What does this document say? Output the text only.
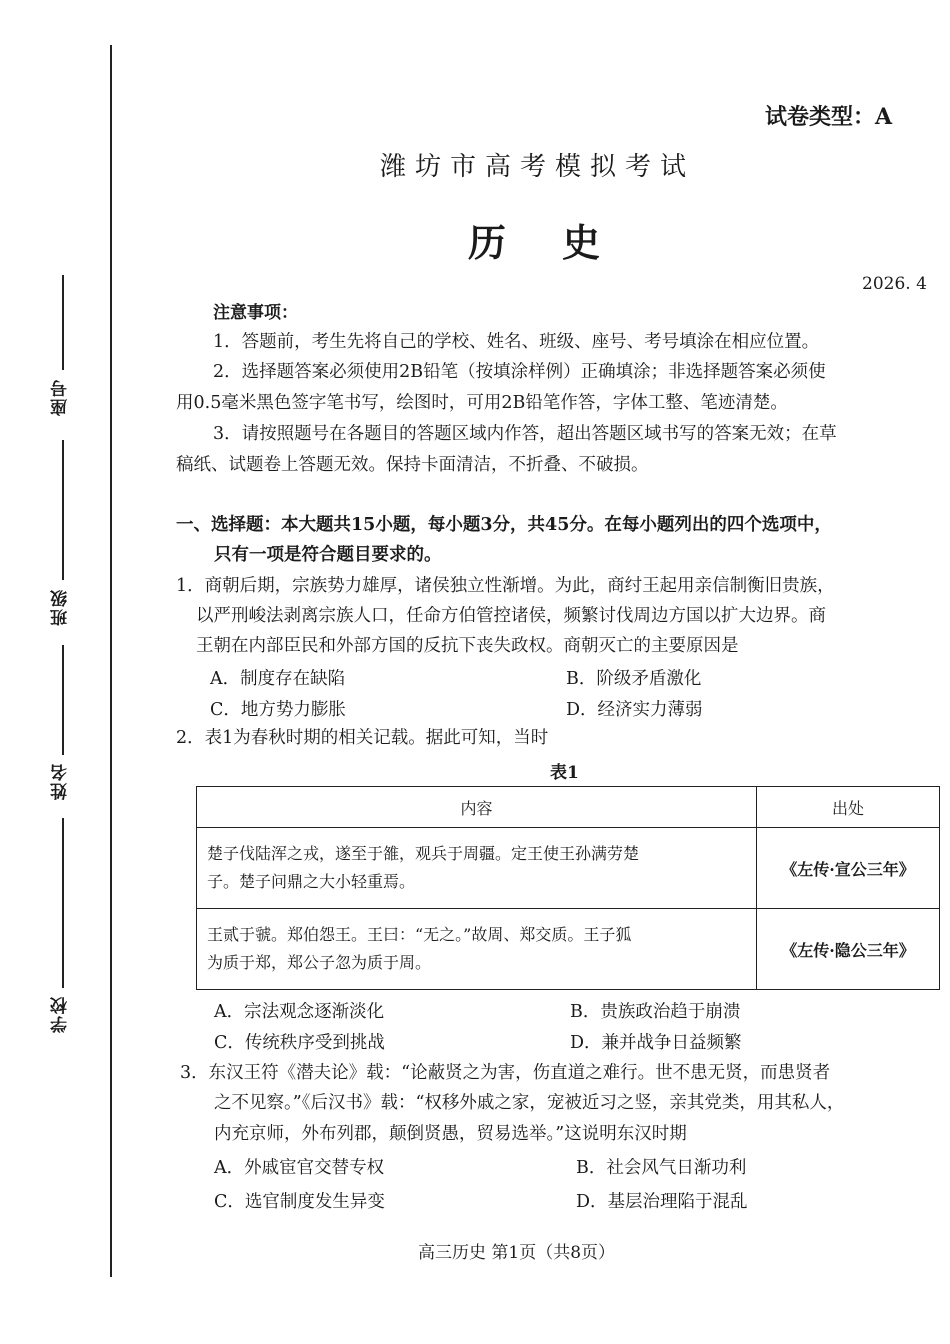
座号
班级
姓名
学校
试卷类型：A
潍坊市高考模拟考试
历史
2026. 4
注意事项：
1．答题前，考生先将自己的学校、姓名、班级、座号、考号填涂在相应位置。
2．选择题答案必须使用2B铅笔（按填涂样例）正确填涂；非选择题答案必须使
用0.5毫米黑色签字笔书写，绘图时，可用2B铅笔作答，字体工整、笔迹清楚。
3．请按照题号在各题目的答题区域内作答，超出答题区域书写的答案无效；在草
稿纸、试题卷上答题无效。保持卡面清洁，不折叠、不破损。
一、选择题：本大题共15小题，每小题3分，共45分。在每小题列出的四个选项中，
只有一项是符合题目要求的。
1．商朝后期，宗族势力雄厚，诸侯独立性渐增。为此，商纣王起用亲信制衡旧贵族，
以严刑峻法剥离宗族人口，任命方伯管控诸侯，频繁讨伐周边方国以扩大边界。商
王朝在内部臣民和外部方国的反抗下丧失政权。商朝灭亡的主要原因是
A．制度存在缺陷	B．阶级矛盾激化
C．地方势力膨胀	D．经济实力薄弱
2．表1为春秋时期的相关记载。据此可知，当时
表1
内容	出处

楚子伐陆浑之戎，遂至于雒，观兵于周疆。定王使王孙满劳楚
子。楚子问鼎之大小轻重焉。	《左传·宣公三年》

王贰于虢。郑伯怨王。王曰：“无之。”故周、郑交质。王子狐
为质于郑，郑公子忽为质于周。	《左传·隐公三年》
A．宗法观念逐渐淡化	B．贵族政治趋于崩溃
C．传统秩序受到挑战	D．兼并战争日益频繁
3．东汉王符《潜夫论》载：“论蔽贤之为害，伤直道之难行。世不患无贤，而患贤者
之不见察。”《后汉书》载：“权移外戚之家，宠被近习之竖，亲其党类，用其私人，
内充京师，外布列郡，颠倒贤愚，贸易选举。”这说明东汉时期
A．外戚宦官交替专权	B．社会风气日渐功利
C．选官制度发生异变	D．基层治理陷于混乱
高三历史 第1页（共8页）
